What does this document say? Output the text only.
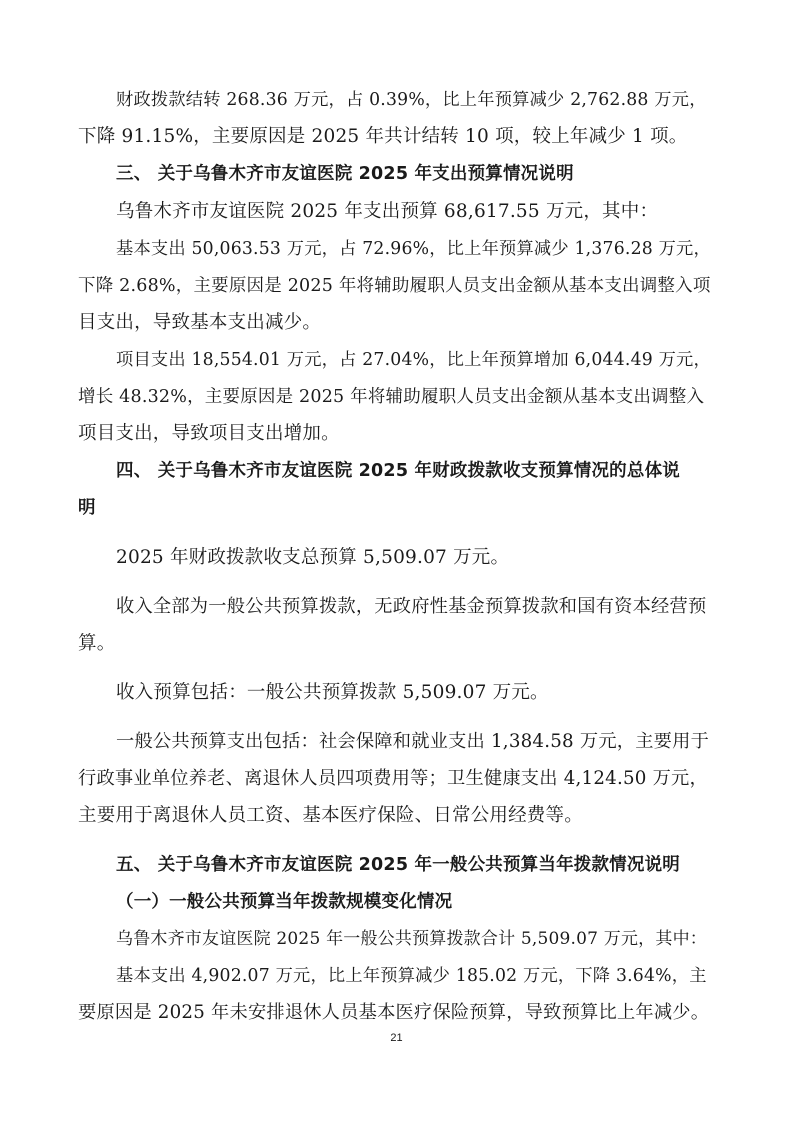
财政拨款结转 268.36 万元，占 0.39%，比上年预算减少 2,762.88 万元，
下降 91.15%，主要原因是 2025 年共计结转 10 项，较上年减少 1 项。
三、 关于乌鲁木齐市友谊医院 2025 年支出预算情况说明
乌鲁木齐市友谊医院 2025 年支出预算 68,617.55 万元，其中：
基本支出 50,063.53 万元，占 72.96%，比上年预算减少 1,376.28 万元，
下降 2.68%，主要原因是 2025 年将辅助履职人员支出金额从基本支出调整入项
目支出，导致基本支出减少。
项目支出 18,554.01 万元，占 27.04%，比上年预算增加 6,044.49 万元，
增长 48.32%，主要原因是 2025 年将辅助履职人员支出金额从基本支出调整入
项目支出，导致项目支出增加。
四、 关于乌鲁木齐市友谊医院 2025 年财政拨款收支预算情况的总体说
明
2025 年财政拨款收支总预算 5,509.07 万元。
收入全部为一般公共预算拨款，无政府性基金预算拨款和国有资本经营预
算。
收入预算包括：一般公共预算拨款 5,509.07 万元。
一般公共预算支出包括：社会保障和就业支出 1,384.58 万元，主要用于
行政事业单位养老、离退休人员四项费用等；卫生健康支出 4,124.50 万元，
主要用于离退休人员工资、基本医疗保险、日常公用经费等。
五、 关于乌鲁木齐市友谊医院 2025 年一般公共预算当年拨款情况说明
（一）一般公共预算当年拨款规模变化情况
乌鲁木齐市友谊医院 2025 年一般公共预算拨款合计 5,509.07 万元，其中：
基本支出 4,902.07 万元，比上年预算减少 185.02 万元，下降 3.64%，主
要原因是 2025 年未安排退休人员基本医疗保险预算，导致预算比上年减少。
21
